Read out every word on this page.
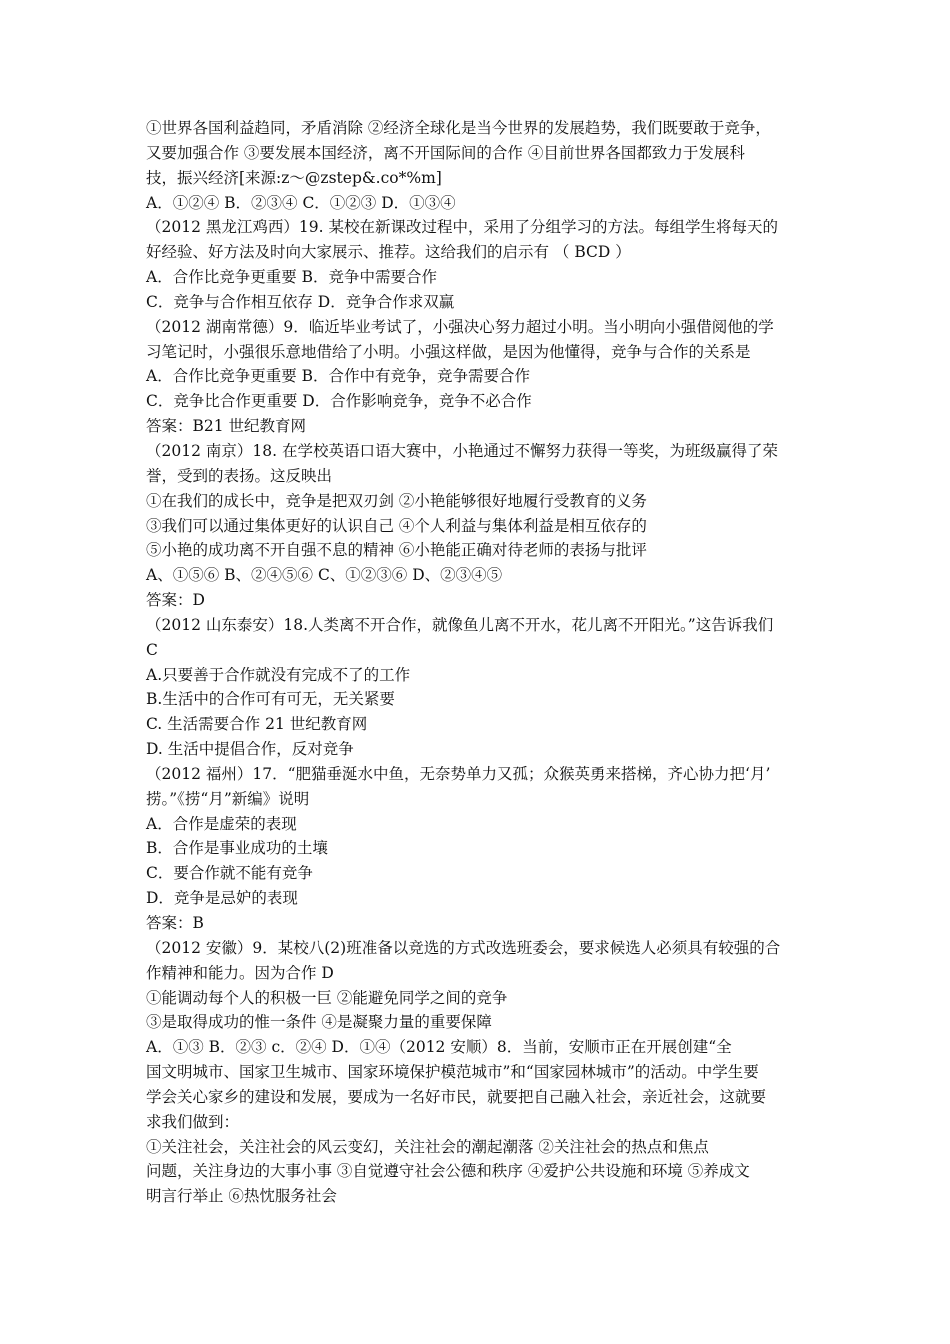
①世界各国利益趋同，矛盾消除 ②经济全球化是当今世界的发展趋势，我们既要敢于竞争，
又要加强合作 ③要发展本国经济，离不开国际间的合作 ④目前世界各国都致力于发展科
技，振兴经济[来源:z～@zstep&.co*%m]
A．①②④ B．②③④ C．①②③ D．①③④
（2012 黑龙江鸡西）19. 某校在新课改过程中，采用了分组学习的方法。每组学生将每天的
好经验、好方法及时向大家展示、推荐。这给我们的启示有 （ BCD ）
A．合作比竞争更重要 B．竞争中需要合作
C．竞争与合作相互依存 D．竞争合作求双赢
（2012 湖南常德）9．临近毕业考试了，小强决心努力超过小明。当小明向小强借阅他的学
习笔记时，小强很乐意地借给了小明。小强这样做，是因为他懂得，竞争与合作的关系是
A．合作比竞争更重要 B．合作中有竞争，竞争需要合作
C．竞争比合作更重要 D．合作影响竞争，竞争不必合作
答案：B21 世纪教育网
（2012 南京）18. 在学校英语口语大赛中，小艳通过不懈努力获得一等奖，为班级赢得了荣
誉，受到的表扬。这反映出
①在我们的成长中，竞争是把双刃剑 ②小艳能够很好地履行受教育的义务
③我们可以通过集体更好的认识自己 ④个人利益与集体利益是相互依存的
⑤小艳的成功离不开自强不息的精神 ⑥小艳能正确对待老师的表扬与批评
A、①⑤⑥ B、②④⑤⑥ C、①②③⑥ D、②③④⑤
答案：D
（2012 山东泰安）18.人类离不开合作，就像鱼儿离不开水，花儿离不开阳光。”这告诉我们
C
A.只要善于合作就没有完成不了的工作
B.生活中的合作可有可无，无关紧要
C. 生活需要合作 21 世纪教育网
D. 生活中提倡合作，反对竞争
（2012 福州）17．“肥猫垂涎水中鱼，无奈势单力又孤；众猴英勇来搭梯，齐心协力把‘月’
捞。”《捞“月”新编》说明
A．合作是虚荣的表现
B．合作是事业成功的土壤
C．要合作就不能有竞争
D．竞争是忌妒的表现
答案：B
（2012 安徽）9．某校八(2)班准备以竞选的方式改选班委会，要求候选人必须具有较强的合
作精神和能力。因为合作 D
①能调动每个人的积极一巨 ②能避免同学之间的竞争
③是取得成功的惟一条件 ④是凝聚力量的重要保障
A．①③ B．②③ c．②④ D．①④（2012 安顺）8．当前，安顺市正在开展创建“全
国文明城市、国家卫生城市、国家环境保护模范城市”和“国家园林城市”的活动。中学生要
学会关心家乡的建设和发展，要成为一名好市民，就要把自己融入社会，亲近社会，这就要
求我们做到：
①关注社会，关注社会的风云变幻，关注社会的潮起潮落 ②关注社会的热点和焦点
问题，关注身边的大事小事 ③自觉遵守社会公德和秩序 ④爱护公共设施和环境 ⑤养成文
明言行举止 ⑥热忱服务社会
